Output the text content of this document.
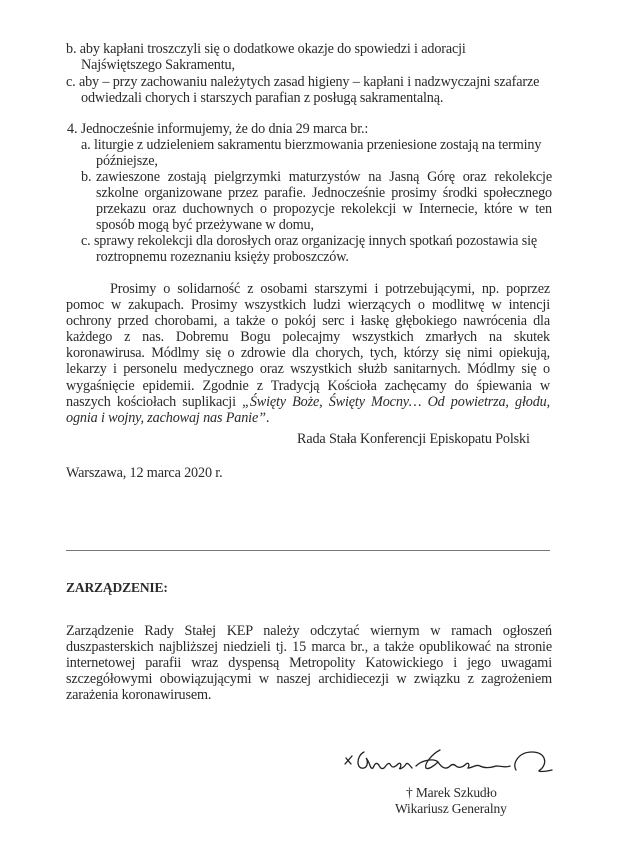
b. aby kapłani troszczyli się o dodatkowe okazje do spowiedzi i adoracji
Najświętszego Sakramentu,
c. aby – przy zachowaniu należytych zasad higieny – kapłani i nadzwyczajni szafarze
odwiedzali chorych i starszych parafian z posługą sakramentalną.
4. Jednocześnie informujemy, że do dnia 29 marca br.:
a. liturgie z udzieleniem sakramentu bierzmowania przeniesione zostają na terminy
późniejsze,
b. zawieszone zostają pielgrzymki maturzystów na Jasną Górę oraz rekolekcje szkolne organizowane przez parafie. Jednocześnie prosimy środki społecznego przekazu oraz duchownych o propozycje rekolekcji w Internecie, które w ten sposób mogą być przeżywane w domu,
c. sprawy rekolekcji dla dorosłych oraz organizację innych spotkań pozostawia się
roztropnemu rozeznaniu księży proboszczów.
Prosimy o solidarność z osobami starszymi i potrzebującymi, np. poprzez pomoc w zakupach. Prosimy wszystkich ludzi wierzących o modlitwę w intencji ochrony przed chorobami, a także o pokój serc i łaskę głębokiego nawrócenia dla każdego z nas. Dobremu Bogu polecajmy wszystkich zmarłych na skutek koronawirusa. Módlmy się o zdrowie dla chorych, tych, którzy się nimi opiekują, lekarzy i personelu medycznego oraz wszystkich służb sanitarnych. Módlmy się o wygaśnięcie epidemii. Zgodnie z Tradycją Kościoła zachęcamy do śpiewania w naszych kościołach suplikacji „Święty Boże, Święty Mocny… Od powietrza, głodu, ognia i wojny, zachowaj nas Panie”.
Rada Stała Konferencji Episkopatu Polski
Warszawa, 12 marca 2020 r.
ZARZĄDZENIE:
Zarządzenie Rady Stałej KEP należy odczytać wiernym w ramach ogłoszeń duszpasterskich najbliższej niedzieli tj. 15 marca br., a także opublikować na stronie internetowej parafii wraz dyspensą Metropolity Katowickiego i jego uwagami szczegółowymi obowiązującymi w naszej archidiecezji w związku z zagrożeniem zarażenia koronawirusem.
† Marek Szkudło
Wikariusz Generalny
